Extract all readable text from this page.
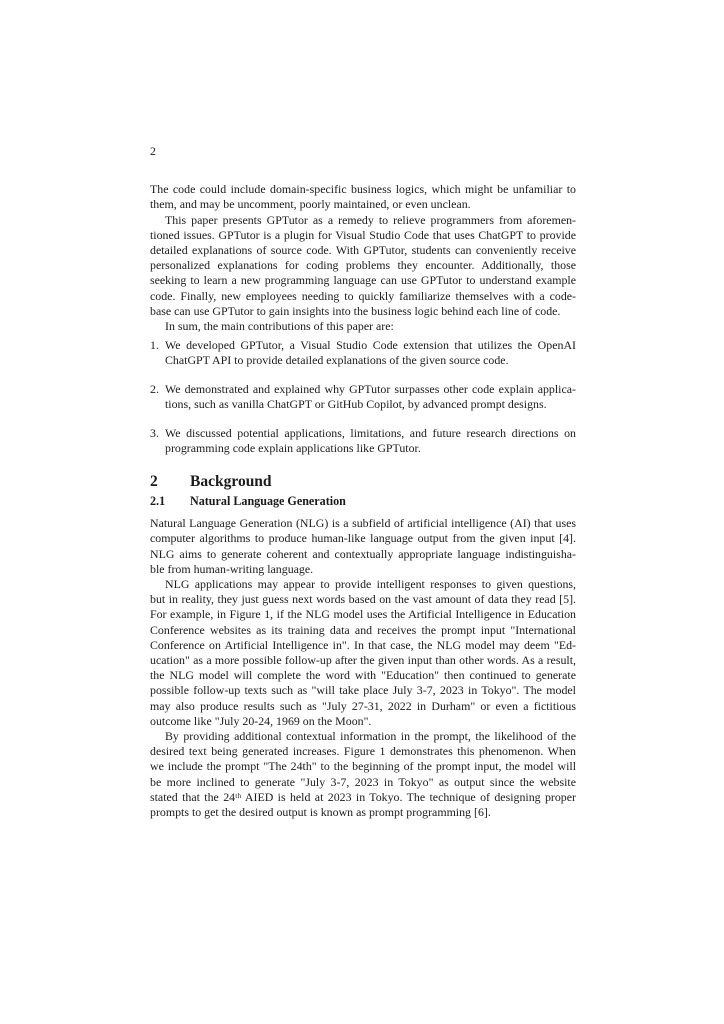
2
The code could include domain-specific business logics, which might be unfamiliar to
them, and may be uncomment, poorly maintained, or even unclean.
This paper presents GPTutor as a remedy to relieve programmers from aforemen-
tioned issues. GPTutor is a plugin for Visual Studio Code that uses ChatGPT to provide
detailed explanations of source code. With GPTutor, students can conveniently receive
personalized explanations for coding problems they encounter. Additionally, those
seeking to learn a new programming language can use GPTutor to understand example
code. Finally, new employees needing to quickly familiarize themselves with a code-
base can use GPTutor to gain insights into the business logic behind each line of code.
In sum, the main contributions of this paper are:
1. We developed GPTutor, a Visual Studio Code extension that utilizes the OpenAI
ChatGPT API to provide detailed explanations of the given source code.
2. We demonstrated and explained why GPTutor surpasses other code explain applica-
tions, such as vanilla ChatGPT or GitHub Copilot, by advanced prompt designs.
3. We discussed potential applications, limitations, and future research directions on
programming code explain applications like GPTutor.
2 Background
2.1 Natural Language Generation
Natural Language Generation (NLG) is a subfield of artificial intelligence (AI) that uses
computer algorithms to produce human-like language output from the given input [4].
NLG aims to generate coherent and contextually appropriate language indistinguisha-
ble from human-writing language.
NLG applications may appear to provide intelligent responses to given questions,
but in reality, they just guess next words based on the vast amount of data they read [5].
For example, in Figure 1, if the NLG model uses the Artificial Intelligence in Education
Conference websites as its training data and receives the prompt input "International
Conference on Artificial Intelligence in". In that case, the NLG model may deem "Ed-
ucation" as a more possible follow-up after the given input than other words. As a result,
the NLG model will complete the word with "Education" then continued to generate
possible follow-up texts such as "will take place July 3-7, 2023 in Tokyo". The model
may also produce results such as "July 27-31, 2022 in Durham" or even a fictitious
outcome like "July 20-24, 1969 on the Moon".
By providing additional contextual information in the prompt, the likelihood of the
desired text being generated increases. Figure 1 demonstrates this phenomenon. When
we include the prompt "The 24th" to the beginning of the prompt input, the model will
be more inclined to generate "July 3-7, 2023 in Tokyo" as output since the website
stated that the 24ᵗʰ AIED is held at 2023 in Tokyo. The technique of designing proper
prompts to get the desired output is known as prompt programming [6].
